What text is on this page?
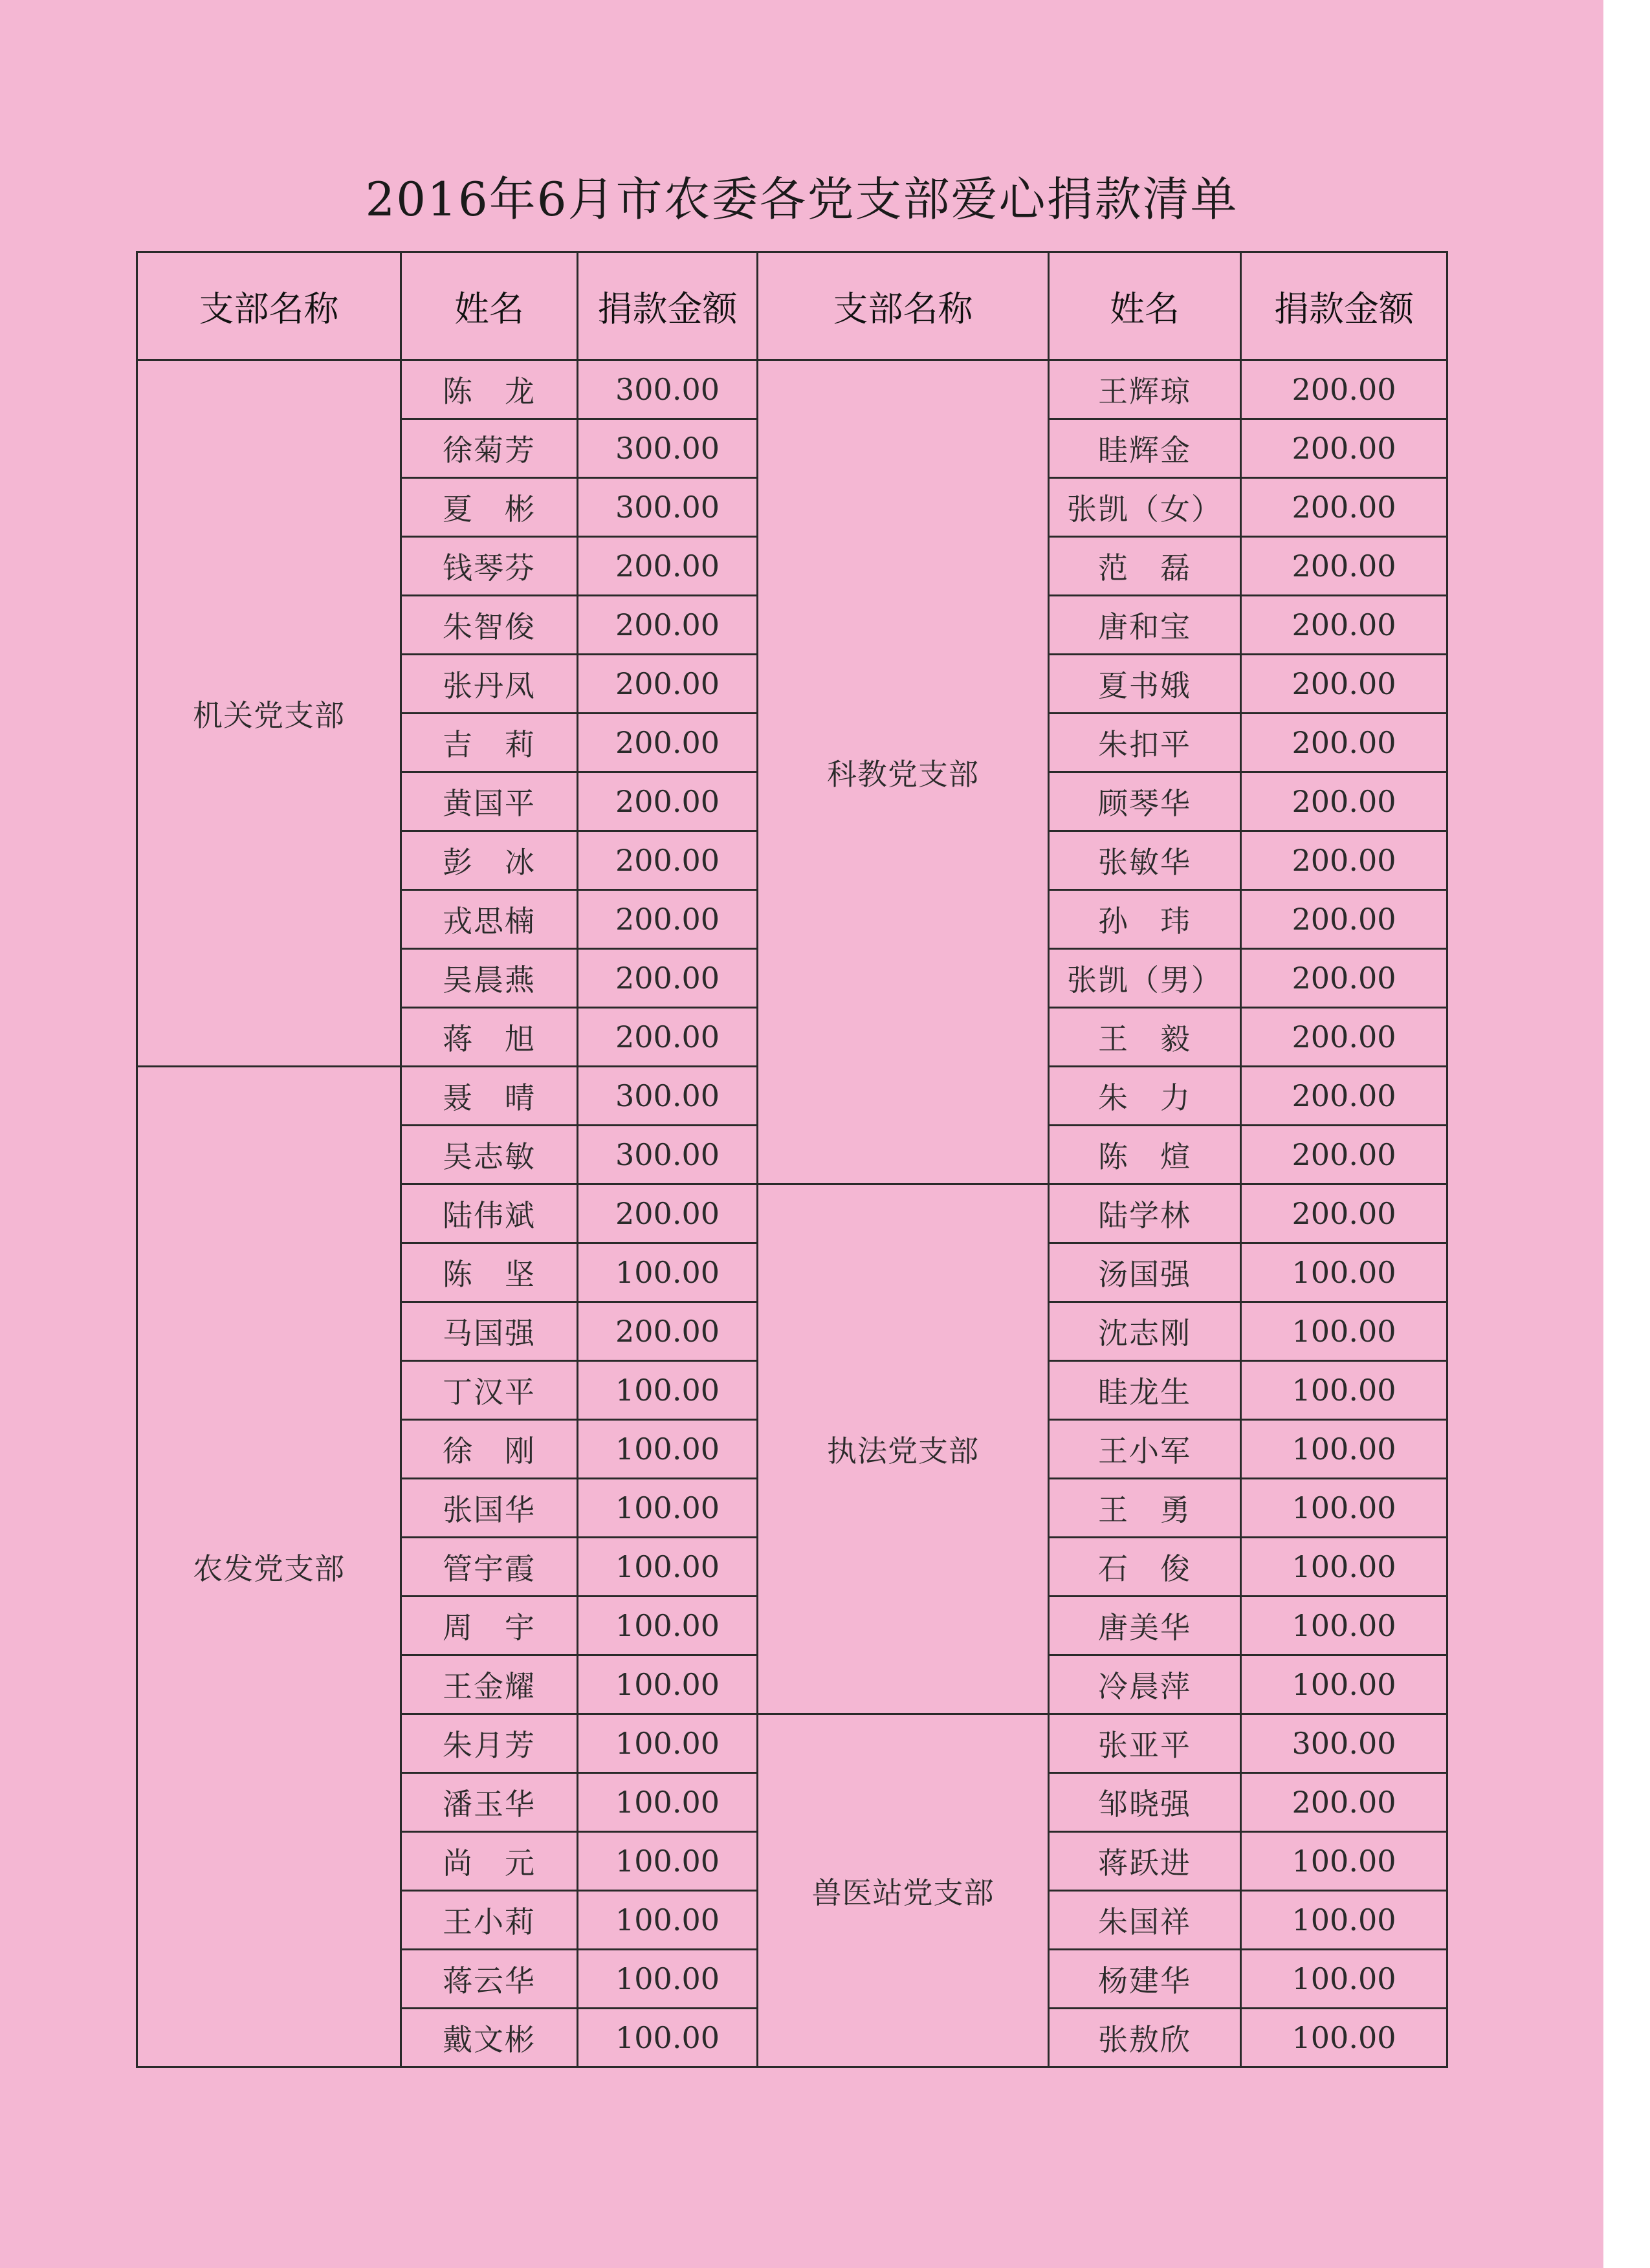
2016年6月市农委各党支部爱心捐款清单
支部名称	姓名	捐款金额	支部名称	姓名	捐款金额
机关党支部	陈　龙	300.00	科教党支部	王辉琼	200.00
	徐菊芳	300.00		眭辉金	200.00
	夏　彬	300.00		张凯（女）	200.00
	钱琴芬	200.00		范　磊	200.00
	朱智俊	200.00		唐和宝	200.00
	张丹凤	200.00		夏书娥	200.00
	吉　莉	200.00		朱扣平	200.00
	黄国平	200.00		顾琴华	200.00
	彭　冰	200.00		张敏华	200.00
	戎思楠	200.00		孙　玮	200.00
	吴晨燕	200.00		张凯（男）	200.00
	蒋　旭	200.00		王　毅	200.00
农发党支部	聂　晴	300.00		朱　力	200.00
	吴志敏	300.00		陈　煊	200.00
	陆伟斌	200.00	执法党支部	陆学林	200.00
	陈　坚	100.00		汤国强	100.00
	马国强	200.00		沈志刚	100.00
	丁汉平	100.00		眭龙生	100.00
	徐　刚	100.00		王小军	100.00
	张国华	100.00		王　勇	100.00
	管宇霞	100.00		石　俊	100.00
	周　宇	100.00		唐美华	100.00
	王金耀	100.00		冷晨萍	100.00
	朱月芳	100.00	兽医站党支部	张亚平	300.00
	潘玉华	100.00		邹晓强	200.00
	尚　元	100.00		蒋跃进	100.00
	王小莉	100.00		朱国祥	100.00
	蒋云华	100.00		杨建华	100.00
	戴文彬	100.00		张敖欣	100.00
